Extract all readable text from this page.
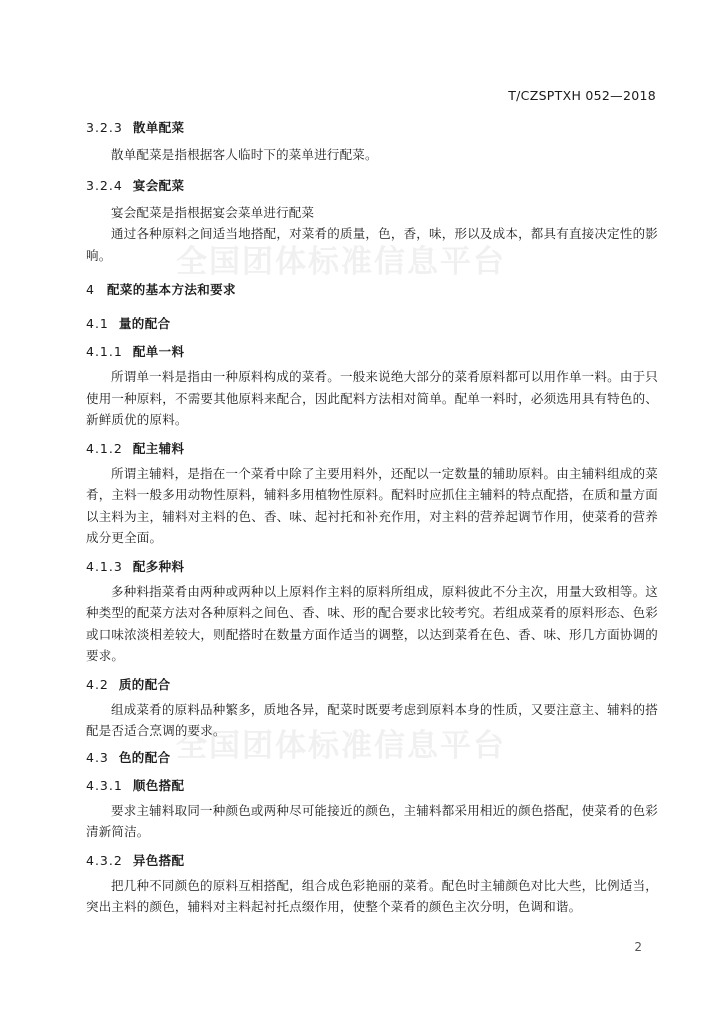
T/CZSPTXH 052—2018
全国团体标准信息平台
全国团体标准信息平台
3.2.3 散单配菜
散单配菜是指根据客人临时下的菜单进行配菜。
3.2.4 宴会配菜
宴会配菜是指根据宴会菜单进行配菜
通过各种原料之间适当地搭配，对菜肴的质量，色，香，味，形以及成本，都具有直接决定性的影响。
4 配菜的基本方法和要求
4.1 量的配合
4.1.1 配单一料
所谓单一料是指由一种原料构成的菜肴。一般来说绝大部分的菜肴原料都可以用作单一料。由于只使用一种原料，不需要其他原料来配合，因此配料方法相对简单。配单一料时，必须选用具有特色的、新鲜质优的原料。
4.1.2 配主辅料
所谓主辅料，是指在一个菜肴中除了主要用料外，还配以一定数量的辅助原料。由主辅料组成的菜肴，主料一般多用动物性原料，辅料多用植物性原料。配料时应抓住主辅料的特点配搭，在质和量方面以主料为主，辅料对主料的色、香、味、起衬托和补充作用，对主料的营养起调节作用，使菜肴的营养成分更全面。
4.1.3 配多种料
多种料指菜肴由两种或两种以上原料作主料的原料所组成，原料彼此不分主次，用量大致相等。这种类型的配菜方法对各种原料之间色、香、味、形的配合要求比较考究。若组成菜肴的原料形态、色彩或口味浓淡相差较大，则配搭时在数量方面作适当的调整，以达到菜肴在色、香、味、形几方面协调的要求。
4.2 质的配合
组成菜肴的原料品种繁多，质地各异，配菜时既要考虑到原料本身的性质，又要注意主、辅料的搭配是否适合烹调的要求。
4.3 色的配合
4.3.1 顺色搭配
要求主辅料取同一种颜色或两种尽可能接近的颜色，主辅料都采用相近的颜色搭配，使菜肴的色彩清新简洁。
4.3.2 异色搭配
把几种不同颜色的原料互相搭配，组合成色彩艳丽的菜肴。配色时主辅颜色对比大些，比例适当，突出主料的颜色，辅料对主料起衬托点缀作用，使整个菜肴的颜色主次分明，色调和谐。
2
